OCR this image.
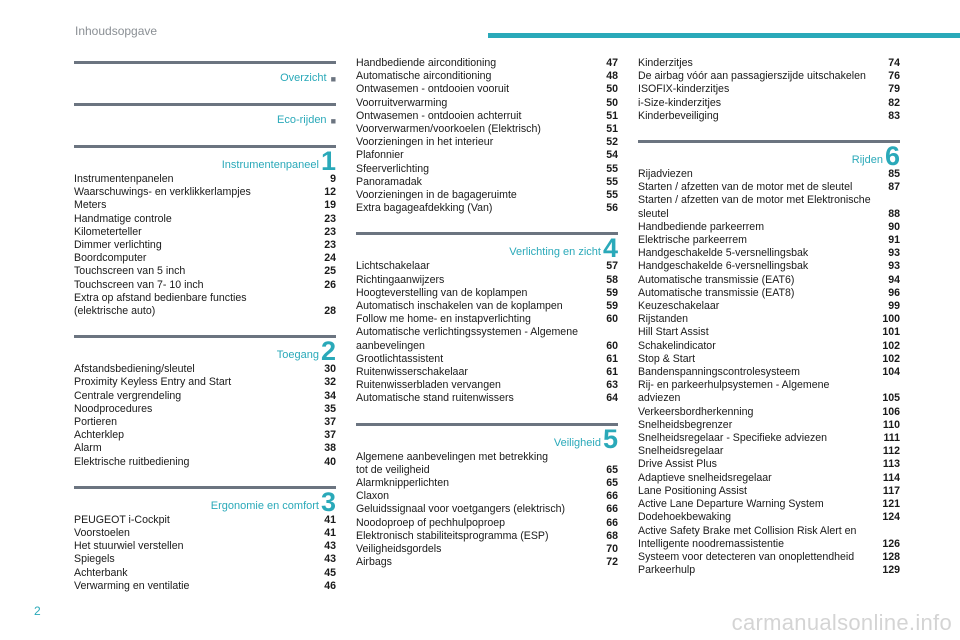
Inhoudsopgave
Overzicht ■
Eco-rijden ■
Instrumentenpaneel1
Instrumentenpanelen	9
Waarschuwings- en verklikkerlampjes	12
Meters	19
Handmatige controle	23
Kilometerteller	23
Dimmer verlichting	23
Boordcomputer	24
Touchscreen van 5 inch	25
Touchscreen van 7- 10 inch	26
Extra op afstand bedienbare functies
(elektrische auto)	28
Toegang2
Afstandsbediening/sleutel	30
Proximity Keyless Entry and Start	32
Centrale vergrendeling	34
Noodprocedures	35
Portieren	37
Achterklep	37
Alarm	38
Elektrische ruitbediening	40
Ergonomie en comfort3
PEUGEOT i-Cockpit	41
Voorstoelen	41
Het stuurwiel verstellen	43
Spiegels	43
Achterbank	45
Verwarming en ventilatie	46
Handbediende airconditioning	47
Automatische airconditioning	48
Ontwasemen - ontdooien vooruit	50
Voorruitverwarming	50
Ontwasemen - ontdooien achterruit	51
Voorverwarmen/voorkoelen (Elektrisch)	51
Voorzieningen in het interieur	52
Plafonnier	54
Sfeerverlichting	55
Panoramadak	55
Voorzieningen in de bagageruimte	55
Extra bagageafdekking (Van)	56
Verlichting en zicht4
Lichtschakelaar	57
Richtingaanwijzers	58
Hoogteverstelling van de koplampen	59
Automatisch inschakelen van de koplampen	59
Follow me home- en instapverlichting	60
Automatische verlichtingssystemen - Algemene
aanbevelingen	60
Grootlichtassistent	61
Ruitenwisserschakelaar	61
Ruitenwisserbladen vervangen	63
Automatische stand ruitenwissers	64
Veiligheid5
Algemene aanbevelingen met betrekking
tot de veiligheid	65
Alarmknipperlichten	65
Claxon	66
Geluidssignaal voor voetgangers (elektrisch)	66
Noodoproep of pechhulpoproep	66
Elektronisch stabiliteitsprogramma (ESP)	68
Veiligheidsgordels	70
Airbags	72
Kinderzitjes	74
De airbag vóór aan passagierszijde uitschakelen	76
ISOFIX-kinderzitjes	79
i-Size-kinderzitjes	82
Kinderbeveiliging	83
Rijden6
Rijadviezen	85
Starten / afzetten van de motor met de sleutel	87
Starten / afzetten van de motor met Elektronische
sleutel	88
Handbediende parkeerrem	90
Elektrische parkeerrem	91
Handgeschakelde 5-versnellingsbak	93
Handgeschakelde 6-versnellingsbak	93
Automatische transmissie (EAT6)	94
Automatische transmissie (EAT8)	96
Keuzeschakelaar	99
Rijstanden	100
Hill Start Assist	101
Schakelindicator	102
Stop & Start	102
Bandenspanningscontrolesysteem	104
Rij- en parkeerhulpsystemen - Algemene adviezen	105
Verkeersbordherkenning	106
Snelheidsbegrenzer	110
Snelheidsregelaar - Specifieke adviezen	111
Snelheidsregelaar	112
Drive Assist Plus	113
Adaptieve snelheidsregelaar	114
Lane Positioning Assist	117
Active Lane Departure Warning System	121
Dodehoekbewaking	124
Active Safety Brake met Collision Risk Alert en
Intelligente noodremassistentie	126
Systeem voor detecteren van onoplettendheid	128
Parkeerhulp	129
2	carmanualsonline.info
